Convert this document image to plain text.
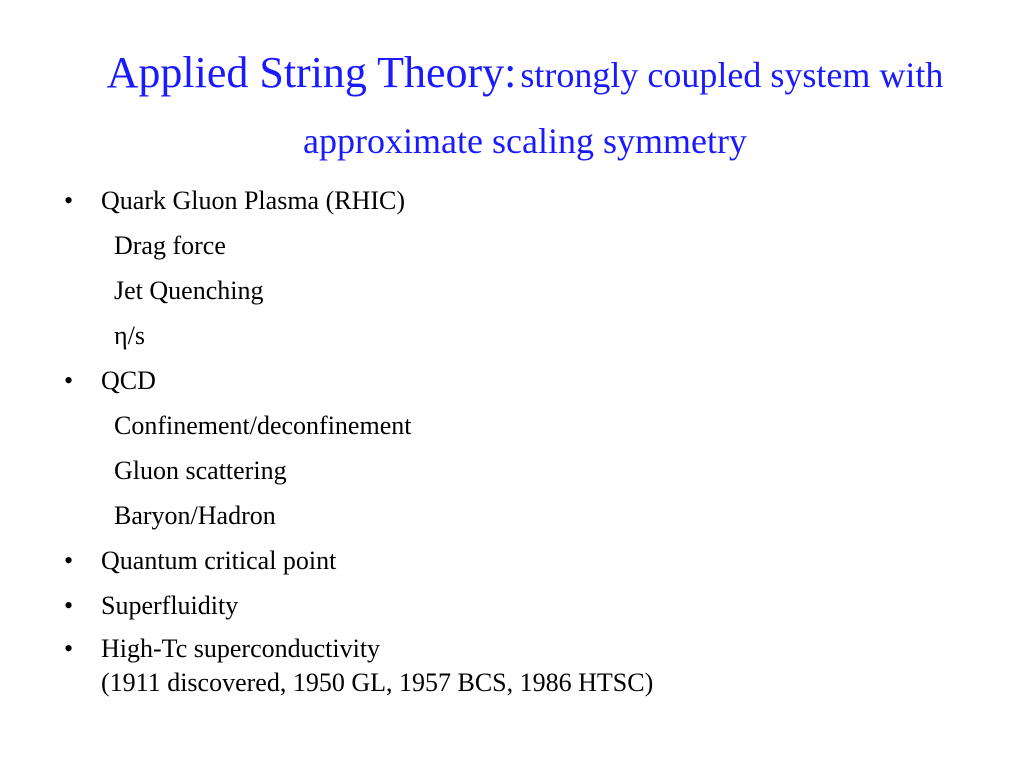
Applied String Theory: strongly coupled system with approximate scaling symmetry
•	Quark Gluon Plasma (RHIC)
Drag force
Jet Quenching
η/s
•	QCD
Confinement/deconfinement
Gluon scattering
Baryon/Hadron
•	Quantum critical point
•	Superfluidity
•	High-Tc superconductivity
(1911 discovered, 1950 GL, 1957 BCS, 1986 HTSC)
